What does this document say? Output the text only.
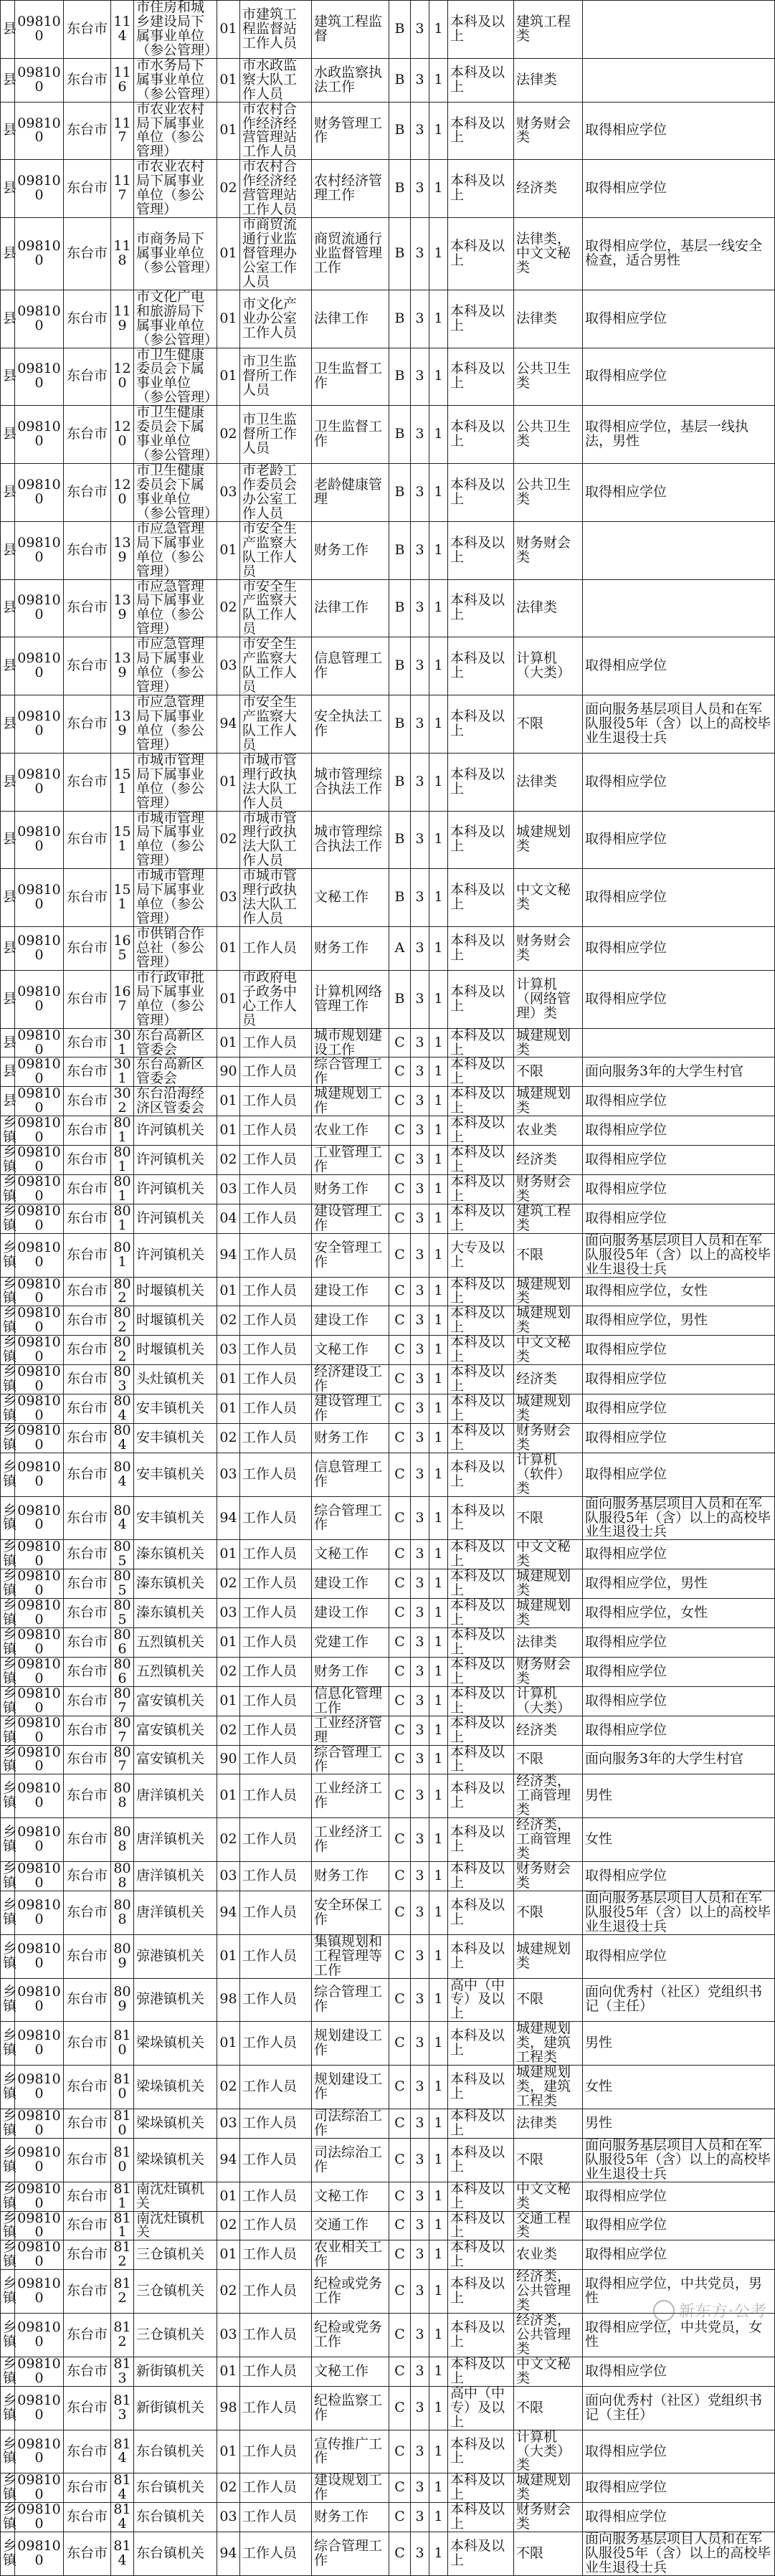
县	098100	东台市	114	市住房和城乡建设局下属事业单位（参公管理）	01	市建筑工程监督站工作人员	建筑工程监督	B	3	1	本科及以上	建筑工程类	
县	098100	东台市	116	市水务局下属事业单位（参公管理）	01	市水政监察大队工作人员	水政监察执法工作	B	3	1	本科及以上	法律类	
县	098100	东台市	117	市农业农村局下属事业单位（参公管理）	01	市农村合作经济经营管理站工作人员	财务管理工作	B	3	1	本科及以上	财务财会类	取得相应学位
县	098100	东台市	117	市农业农村局下属事业单位（参公管理）	02	市农村合作经济经营管理站工作人员	农村经济管理工作	B	3	1	本科及以上	经济类	取得相应学位
县	098100	东台市	118	市商务局下属事业单位（参公管理）	01	市商贸流通行业监督管理办公室工作人员	商贸流通行业监督管理工作	B	3	1	本科及以上	法律类，中文文秘类	取得相应学位，基层一线安全检查，适合男性
县	098100	东台市	119	市文化广电和旅游局下属事业单位（参公管理）	01	市文化产业办公室工作人员	法律工作	B	3	1	本科及以上	法律类	取得相应学位
县	098100	东台市	120	市卫生健康委员会下属事业单位（参公管理）	01	市卫生监督所工作人员	卫生监督工作	B	3	1	本科及以上	公共卫生类	取得相应学位
县	098100	东台市	120	市卫生健康委员会下属事业单位（参公管理）	02	市卫生监督所工作人员	卫生监督工作	B	3	1	本科及以上	公共卫生类	取得相应学位，基层一线执法，男性
县	098100	东台市	120	市卫生健康委员会下属事业单位（参公管理）	03	市老龄工作委员会办公室工作人员	老龄健康管理	B	3	1	本科及以上	公共卫生类	取得相应学位
县	098100	东台市	139	市应急管理局下属事业单位（参公管理）	01	市安全生产监察大队工作人员	财务工作	B	3	1	本科及以上	财务财会类	
县	098100	东台市	139	市应急管理局下属事业单位（参公管理）	02	市安全生产监察大队工作人员	法律工作	B	3	1	本科及以上	法律类	
县	098100	东台市	139	市应急管理局下属事业单位（参公管理）	03	市安全生产监察大队工作人员	信息管理工作	B	3	1	本科及以上	计算机（大类）	取得相应学位
县	098100	东台市	139	市应急管理局下属事业单位（参公管理）	94	市安全生产监察大队工作人员	安全执法工作	B	3	1	本科及以上	不限	面向服务基层项目人员和在军队服役5年（含）以上的高校毕业生退役士兵
县	098100	东台市	151	市城市管理局下属事业单位（参公管理）	01	市城市管理行政执法大队工作人员	城市管理综合执法工作	B	3	1	本科及以上	法律类	取得相应学位
县	098100	东台市	151	市城市管理局下属事业单位（参公管理）	02	市城市管理行政执法大队工作人员	城市管理综合执法工作	B	3	1	本科及以上	城建规划类	取得相应学位
县	098100	东台市	151	市城市管理局下属事业单位（参公管理）	03	市城市管理行政执法大队工作人员	文秘工作	B	3	1	本科及以上	中文文秘类	取得相应学位
县	098100	东台市	165	市供销合作总社（参公管理）	01	工作人员	财务工作	A	3	1	本科及以上	财务财会类	取得相应学位
县	098100	东台市	167	市行政审批局下属事业单位（参公管理）	01	市政府电子政务中心工作人员	计算机网络管理工作	B	3	1	本科及以上	计算机（网络管理）类	取得相应学位
县	098100	东台市	301	东台高新区管委会	01	工作人员	城市规划建设工作	C	3	1	本科及以上	城建规划类	
县	098100	东台市	301	东台高新区管委会	90	工作人员	综合管理工作	C	3	1	本科及以上	不限	面向服务3年的大学生村官
县	098100	东台市	302	东台沿海经济区管委会	01	工作人员	城建规划工作	C	3	1	本科及以上	城建规划类	取得相应学位
乡镇	098100	东台市	801	许河镇机关	01	工作人员	农业工作	C	3	1	本科及以上	农业类	取得相应学位
乡镇	098100	东台市	801	许河镇机关	02	工作人员	工业管理工作	C	3	1	本科及以上	经济类	取得相应学位
乡镇	098100	东台市	801	许河镇机关	03	工作人员	财务工作	C	3	1	本科及以上	财务财会类	取得相应学位
乡镇	098100	东台市	801	许河镇机关	04	工作人员	建设管理工作	C	3	1	本科及以上	建筑工程类	取得相应学位
乡镇	098100	东台市	801	许河镇机关	94	工作人员	安全管理工作	C	3	1	大专及以上	不限	面向服务基层项目人员和在军队服役5年（含）以上的高校毕业生退役士兵
乡镇	098100	东台市	802	时堰镇机关	01	工作人员	建设工作	C	3	1	本科及以上	城建规划类	取得相应学位，女性
乡镇	098100	东台市	802	时堰镇机关	02	工作人员	建设工作	C	3	1	本科及以上	城建规划类	取得相应学位，男性
乡镇	098100	东台市	802	时堰镇机关	03	工作人员	文秘工作	C	3	1	本科及以上	中文文秘类	取得相应学位
乡镇	098100	东台市	803	头灶镇机关	01	工作人员	经济建设工作	C	3	1	本科及以上	经济类	取得相应学位
乡镇	098100	东台市	804	安丰镇机关	01	工作人员	建设管理工作	C	3	1	本科及以上	城建规划类	取得相应学位
乡镇	098100	东台市	804	安丰镇机关	02	工作人员	财务工作	C	3	1	本科及以上	财务财会类	取得相应学位
乡镇	098100	东台市	804	安丰镇机关	03	工作人员	信息管理工作	C	3	1	本科及以上	计算机（软件）类	取得相应学位
乡镇	098100	东台市	804	安丰镇机关	94	工作人员	综合管理工作	C	3	1	本科及以上	不限	面向服务基层项目人员和在军队服役5年（含）以上的高校毕业生退役士兵
乡镇	098100	东台市	805	溱东镇机关	01	工作人员	文秘工作	C	3	1	本科及以上	中文文秘类	取得相应学位
乡镇	098100	东台市	805	溱东镇机关	02	工作人员	建设工作	C	3	1	本科及以上	城建规划类	取得相应学位，男性
乡镇	098100	东台市	805	溱东镇机关	03	工作人员	建设工作	C	3	1	本科及以上	城建规划类	取得相应学位，女性
乡镇	098100	东台市	806	五烈镇机关	01	工作人员	党建工作	C	3	1	本科及以上	法律类	取得相应学位
乡镇	098100	东台市	806	五烈镇机关	02	工作人员	财务工作	C	3	1	本科及以上	财务财会类	取得相应学位
乡镇	098100	东台市	807	富安镇机关	01	工作人员	信息化管理工作	C	3	1	本科及以上	计算机（大类）	取得相应学位
乡镇	098100	东台市	807	富安镇机关	02	工作人员	工业经济管理	C	3	1	本科及以上	经济类	取得相应学位
乡镇	098100	东台市	807	富安镇机关	90	工作人员	综合管理工作	C	3	1	本科及以上	不限	面向服务3年的大学生村官
乡镇	098100	东台市	808	唐洋镇机关	01	工作人员	工业经济工作	C	3	1	本科及以上	经济类，工商管理类	男性
乡镇	098100	东台市	808	唐洋镇机关	02	工作人员	工业经济工作	C	3	1	本科及以上	经济类，工商管理类	女性
乡镇	098100	东台市	808	唐洋镇机关	03	工作人员	财务工作	C	3	1	本科及以上	财务财会类	取得相应学位
乡镇	098100	东台市	808	唐洋镇机关	94	工作人员	安全环保工作	C	3	1	本科及以上	不限	面向服务基层项目人员和在军队服役5年（含）以上的高校毕业生退役士兵
乡镇	098100	东台市	809	弶港镇机关	01	工作人员	集镇规划和工程管理等工作	C	3	1	本科及以上	城建规划类	取得相应学位
乡镇	098100	东台市	809	弶港镇机关	98	工作人员	综合管理工作	C	3	1	高中（中专）及以上	不限	面向优秀村（社区）党组织书记（主任）
乡镇	098100	东台市	810	梁垛镇机关	01	工作人员	规划建设工作	C	3	1	本科及以上	城建规划类，建筑工程类	男性
乡镇	098100	东台市	810	梁垛镇机关	02	工作人员	规划建设工作	C	3	1	本科及以上	城建规划类，建筑工程类	女性
乡镇	098100	东台市	810	梁垛镇机关	03	工作人员	司法综治工作	C	3	1	本科及以上	法律类	男性
乡镇	098100	东台市	810	梁垛镇机关	94	工作人员	司法综治工作	C	3	1	本科及以上	不限	面向服务基层项目人员和在军队服役5年（含）以上的高校毕业生退役士兵
乡镇	098100	东台市	811	南沈灶镇机关	01	工作人员	文秘工作	C	3	1	本科及以上	中文文秘类	取得相应学位
乡镇	098100	东台市	811	南沈灶镇机关	02	工作人员	交通工作	C	3	1	本科及以上	交通工程类	取得相应学位
乡镇	098100	东台市	812	三仓镇机关	01	工作人员	农业相关工作	C	3	1	本科及以上	农业类	取得相应学位
乡镇	098100	东台市	812	三仓镇机关	02	工作人员	纪检或党务工作	C	3	1	本科及以上	经济类，公共管理类	取得相应学位，中共党员，男性
乡镇	098100	东台市	812	三仓镇机关	03	工作人员	纪检或党务工作	C	3	1	本科及以上	经济类，公共管理类	取得相应学位，中共党员，女性
乡镇	098100	东台市	813	新街镇机关	01	工作人员	文秘工作	C	3	1	本科及以上	中文文秘类	取得相应学位
乡镇	098100	东台市	813	新街镇机关	98	工作人员	纪检监察工作	C	3	1	高中（中专）及以上	不限	面向优秀村（社区）党组织书记（主任）
乡镇	098100	东台市	814	东台镇机关	01	工作人员	宣传推广工作	C	3	1	本科及以上	计算机（大类）类	取得相应学位
乡镇	098100	东台市	814	东台镇机关	02	工作人员	建设规划工作	C	3	1	本科及以上	城建规划类	取得相应学位
乡镇	098100	东台市	814	东台镇机关	03	工作人员	财务工作	C	3	1	本科及以上	财务财会类	取得相应学位
乡镇	098100	东台市	814	东台镇机关	94	工作人员	综合管理工作	C	3	1	本科及以上	不限	面向服务基层项目人员和在军队服役5年（含）以上的高校毕业生退役士兵
新东方·公考
